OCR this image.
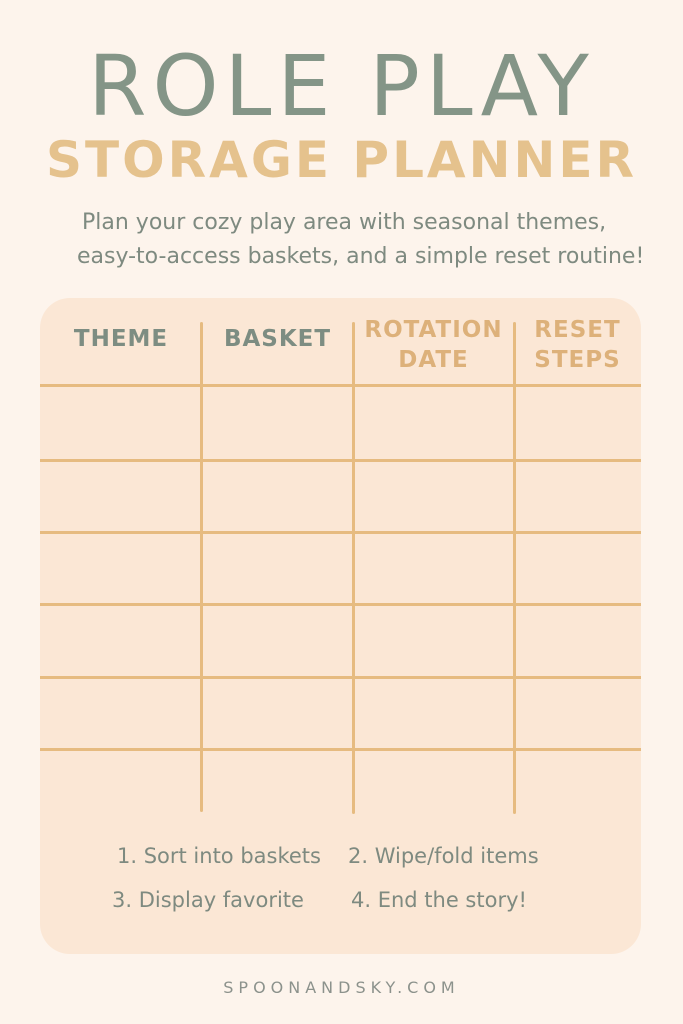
ROLE PLAY
STORAGE PLANNER
Plan your cozy play area with seasonal themes,
easy-to-access baskets, and a simple reset routine!
THEME	BASKET	ROTATION
DATE
RESET
STEPS
1. Sort into baskets 2. Wipe/fold items
3. Display favorite 4. End the story!
SPOONANDSKY.COM
